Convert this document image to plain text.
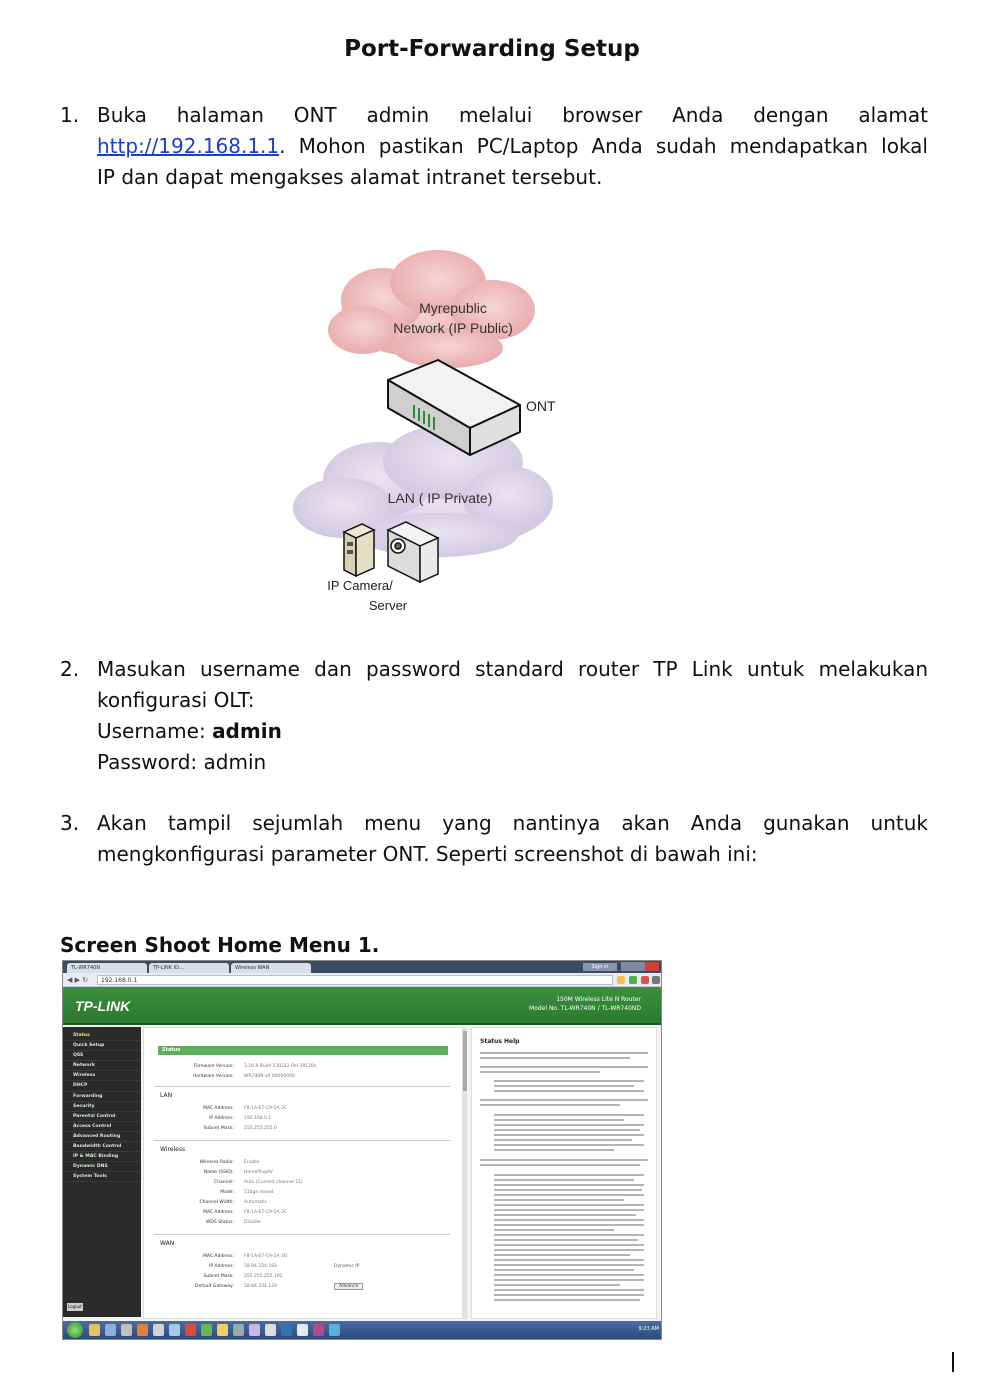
Port-Forwarding Setup
1. Buka halaman ONT admin melalui browser Anda dengan alamat
http://192.168.1.1. Mohon pastikan PC/Laptop Anda sudah mendapatkan lokal
IP dan dapat mengakses alamat intranet tersebut.
Myrepublic
Network (IP Public)
LAN ( IP Private)
ONT
IP Camera/
Server
2. Masukan username dan password standard router TP Link untuk melakukan
konfigurasi OLT:
Username: admin
Password: admin
3. Akan tampil sejumlah menu yang nantinya akan Anda gunakan untuk
mengkonfigurasi parameter ONT. Seperti screenshot di bawah ini:
Screen Shoot Home Menu 1.
TL-WR740N	TP-LINK ID...	Wireless WAN	Sign in
◀ ▶ ↻	192.168.0.1
TP-LINK	150M Wireless Lite N Router
Model No. TL-WR740N / TL-WR740ND
Status
Quick Setup
QSS
Network
Wireless
DHCP
Forwarding
Security
Parental Control
Access Control
Advanced Routing
Bandwidth Control
IP & MAC Binding
Dynamic DNS
System Tools
Logout
Status
Firmware Version: 3.16.9 Build 130322 Rel.38120n
Hardware Version: WR740N v4 00000000
LAN
MAC Address: F8-1A-67-C9-1A-3C
IP Address: 192.168.0.1
Subnet Mask: 255.255.255.0
Wireless
Wireless Radio: Enable
Name (SSID): HomePlugAV
Channel: Auto (Current channel 11)
Mode: 11bgn mixed
Channel Width: Automatic
MAC Address: F8-1A-67-C9-1A-3C
WDS Status: Disable
WAN
MAC Address: F8-1A-67-C9-1A-3D
IP Address: 58.84.234.183	Dynamic IP
Subnet Mask: 255.255.255.192
Default Gateway: 58.84.234.129	Advance
Status Help
9:23 AM
